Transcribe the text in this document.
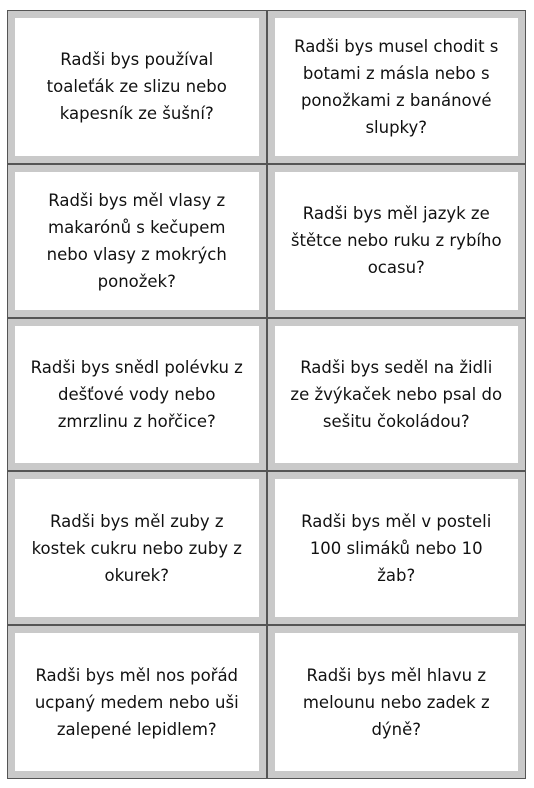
Radši bys používal toaleťák ze slizu nebo kapesník ze šušní?
Radši bys musel chodit s botami z másla nebo s ponožkami z banánové slupky?
Radši bys měl vlasy z makarónů s kečupem nebo vlasy z mokrých ponožek?
Radši bys měl jazyk ze štětce nebo ruku z rybího ocasu?
Radši bys snědl polévku z dešťové vody nebo zmrzlinu z hořčice?
Radši bys seděl na židli ze žvýkaček nebo psal do sešitu čokoládou?
Radši bys měl zuby z kostek cukru nebo zuby z okurek?
Radši bys měl v posteli 100 slimáků nebo 10 žab?
Radši bys měl nos pořád ucpaný medem nebo uši zalepené lepidlem?
Radši bys měl hlavu z melounu nebo zadek z dýně?
